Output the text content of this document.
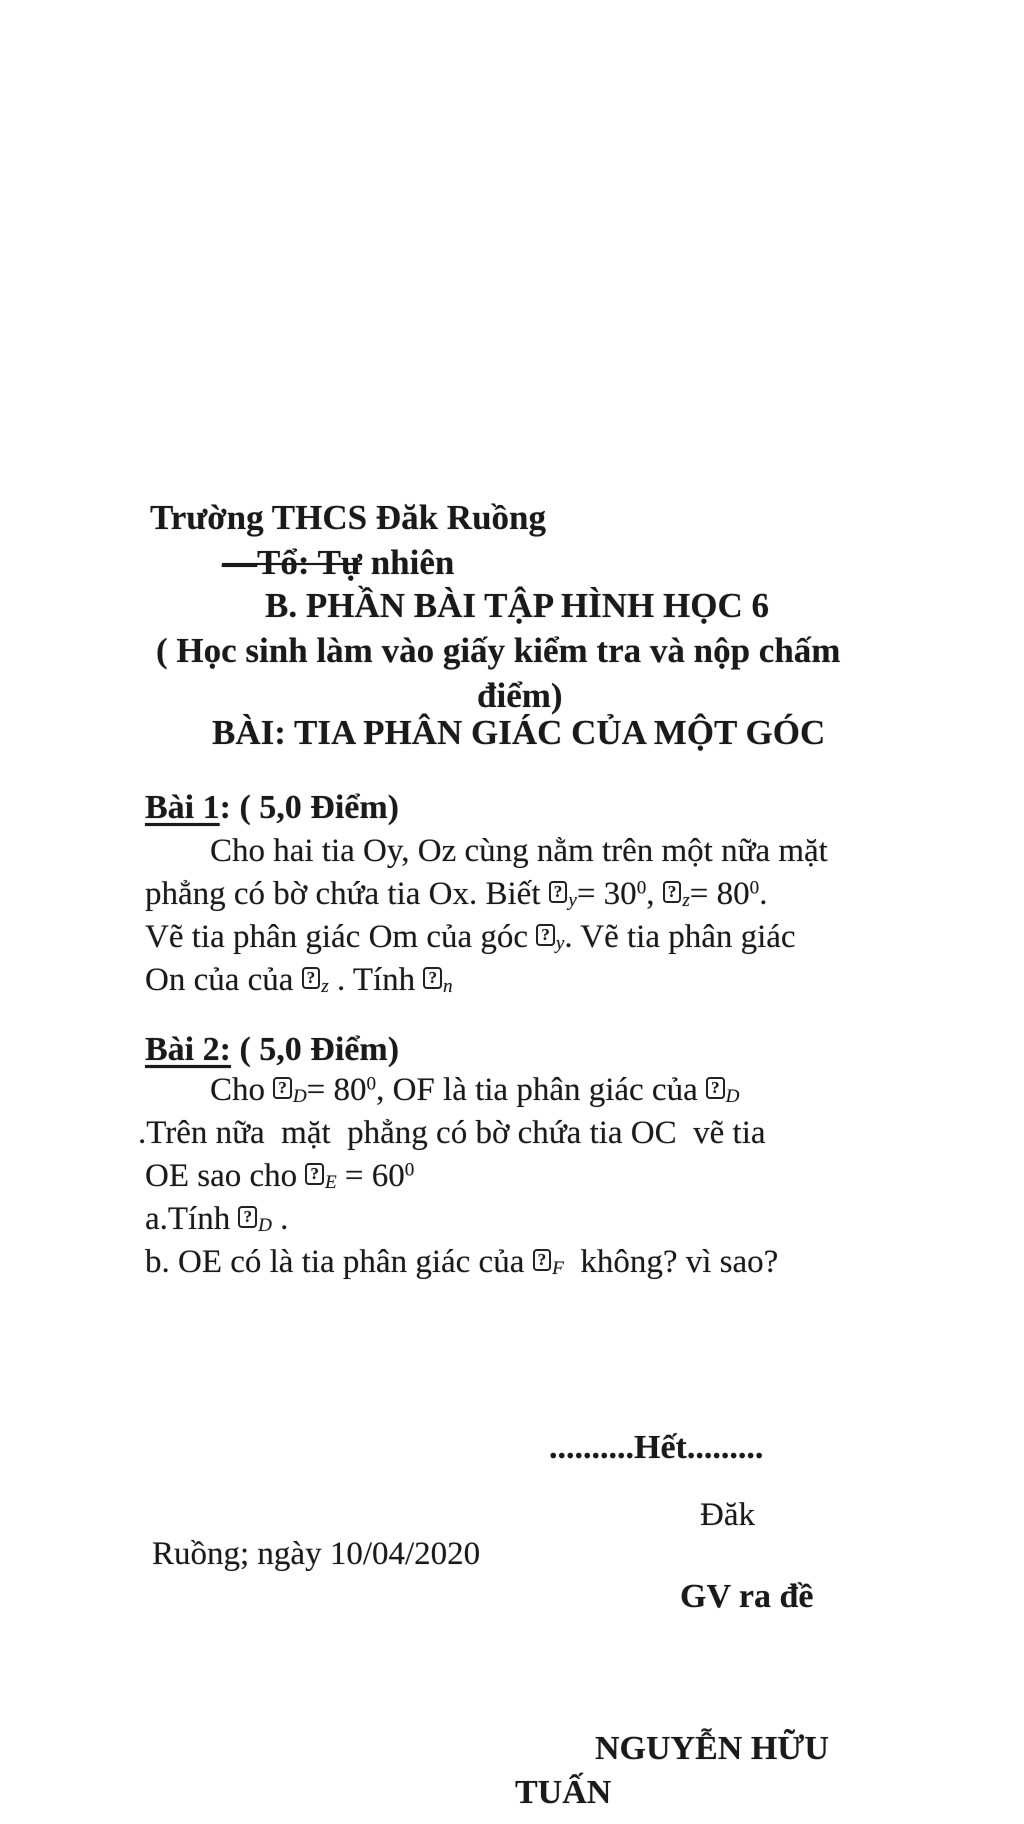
Trường THCS Đăk Ruồng
—Tổ: Tự nhiên
B. PHẦN BÀI TẬP HÌNH HỌC 6
( Học sinh làm vào giấy kiểm tra và nộp chấm
điểm)
BÀI: TIA PHÂN GIÁC CỦA MỘT GÓC
Bài 1: ( 5,0 Điểm)
Cho hai tia Oy, Oz cùng nằm trên một nữa mặt
phẳng có bờ chứa tia Ox. Biết ? $_y= 30^0$, ? $_z= 80^0$.
Vẽ tia phân giác Om của góc ? $_y$. Vẽ tia phân giác
On của của ? $_z$ . Tính ? $_n$
Bài 2: ( 5,0 Điểm)
Cho ? $_D= 80^0$, OF là tia phân giác của ? $_D$
.Trên nữa  mặt  phẳng có bờ chứa tia OC  vẽ tia
OE sao cho ? $_E = 60^0$
a.Tính ? $_D$ .
b. OE có là tia phân giác của ? $_F$  không? vì sao?
..........Hết.........
Đăk
Ruồng; ngày 10/04/2020
GV ra đề
NGUYỄN HỮU
TUẤN
